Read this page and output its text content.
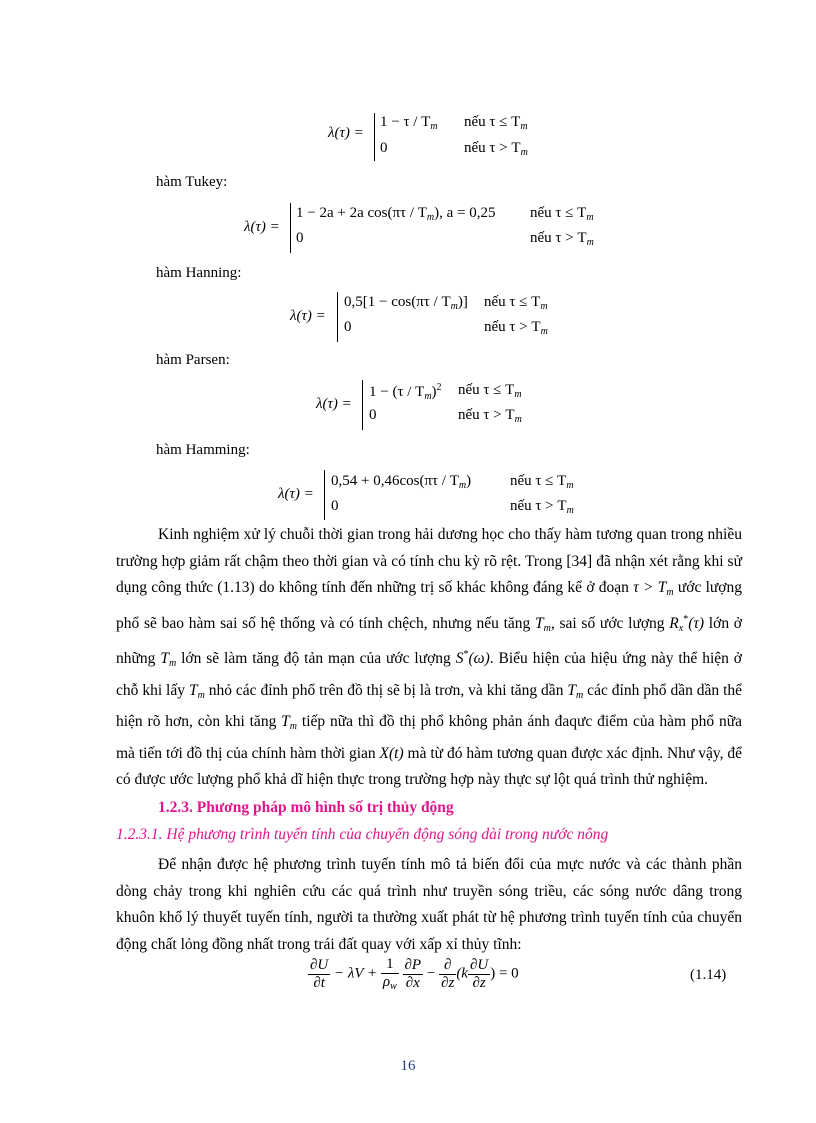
λ(τ) =
$1 - \tau / T_m$ nếu $\tau \le T_m$
0	nếu $\tau > T_m$
hàm Tukey:
λ(τ) =
1 − 2a + 2a $\cos(\pi\tau / T_m)$, a = 0,25 nếu $\tau \le T_m$
0	nếu $\tau > T_m$
hàm Hanning:
λ(τ) =
$0,5[1 - \cos(\pi\tau / T_m)]$ nếu $\tau \le T_m$
0	nếu $\tau > T_m$
hàm Parsen:
λ(τ) =
$1 - (\tau / T_m)^2$ nếu $\tau \le T_m$
0	nếu $\tau > T_m$
hàm Hamming:
λ(τ) =
$0,54 + 0,46\cos(\pi\tau / T_m)$	nếu $\tau \le T_m$
0	nếu $\tau > T_m$

Kinh nghiệm xử lý chuỗi thời gian trong hải dương học cho thấy hàm tương quan trong nhiều trường hợp giảm rất chậm theo thời gian và có tính chu kỳ rõ rệt. Trong [34] đã nhận xét rằng khi sử dụng công thức (1.13) do không tính đến những trị số khác không đáng kể ở đoạn $\tau > T_m$ ước lượng phổ sẽ bao hàm sai số hệ thống và có tính chệch, nhưng nếu tăng $T_m$, sai số ước lượng $R_x^*(\tau)$ lớn ở những $T_m$ lớn sẽ làm tăng độ tản mạn của ước lượng S*(ω). Biểu hiện của hiệu ứng này thể hiện ở chỗ khi lấy $T_m$ nhỏ các đỉnh phổ trên đồ thị sẽ bị là trơn, và khi tăng dần $T_m$ các đỉnh phổ dần dần thể hiện rõ hơn, còn khi tăng $T_m$ tiếp nữa thì đồ thị phổ không phản ánh đaqưc điểm của hàm phổ nữa mà tiến tới đồ thị của chính hàm thời gian X(t) mà từ đó hàm tương quan được xác định. Như vậy, để có được ước lượng phổ khả dĩ hiện thực trong trường hợp này thực sự lột quá trình thử nghiệm.

1.2.3. Phương pháp mô hình số trị thủy động
1.2.3.1. Hệ phương trình tuyến tính của chuyển động sóng dài trong nước nông

Để nhận được hệ phương trình tuyến tính mô tả biến đổi của mực nước và các thành phần dòng chảy trong khi nghiên cứu các quá trình như truyền sóng triều, các sóng nước dâng trong khuôn khổ lý thuyết tuyến tính, người ta thường xuất phát từ hệ phương trình tuyến tính của chuyển động chất lỏng đồng nhất trong trái đất quay với xấp xỉ thủy tĩnh:

$\frac{\partial U}{\partial t} - \lambda V + \frac{1}{\rho_w}$
$\frac{\partial P}{\partial x} - \frac{\partial}{\partial z} (k \frac{\partial U}{\partial z}$ ) = 0	(1.14)
16
